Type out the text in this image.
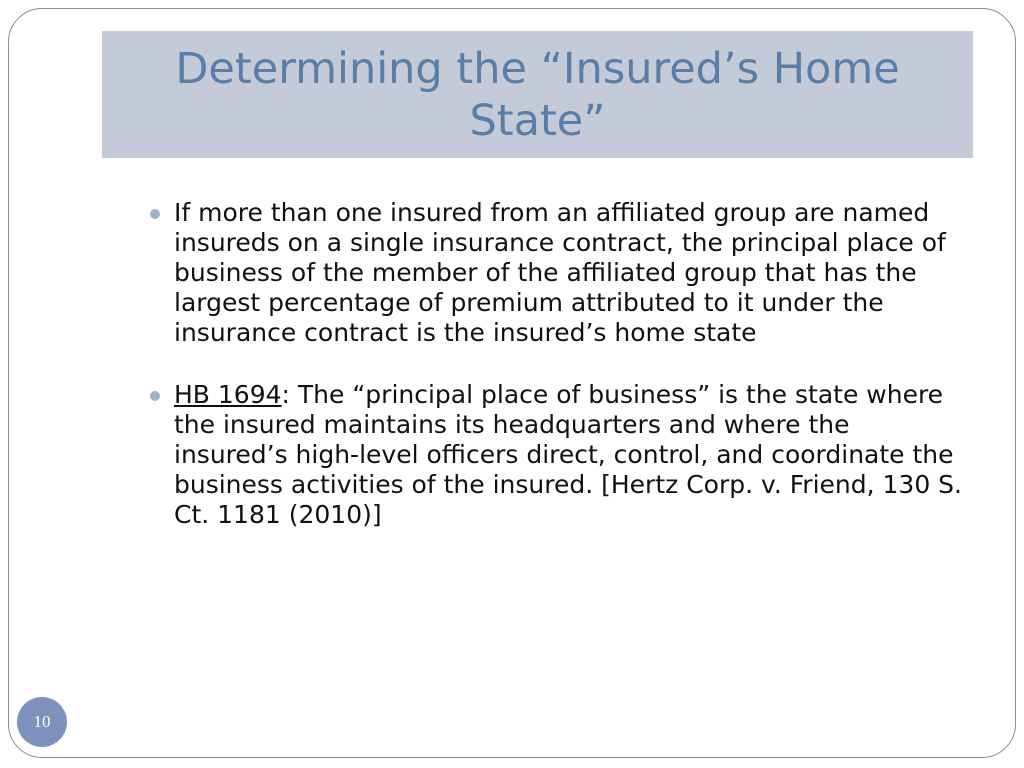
Determining the “Insured’s Home State”

If more than one insured from an affiliated group are named insureds on a single insurance contract, the principal place of business of the member of the affiliated group that has the largest percentage of premium attributed to it under the insurance contract is the insured’s home state

HB 1694: The “principal place of business” is the state where the insured maintains its headquarters and where the insured’s high-level officers direct, control, and coordinate the business activities of the insured. [Hertz Corp. v. Friend, 130 S. Ct. 1181 (2010)]

10
